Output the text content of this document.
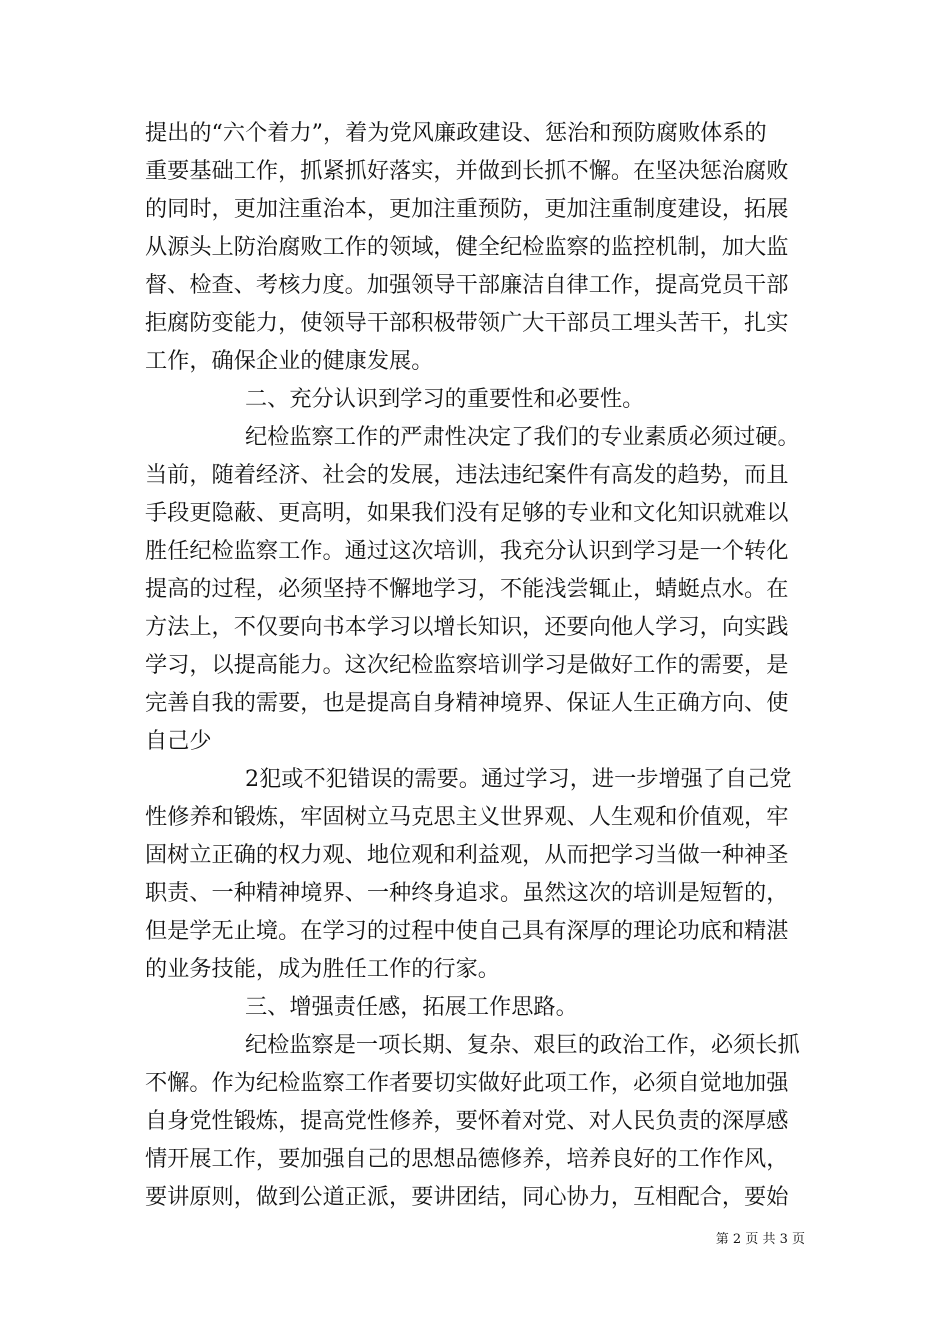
提出的“六个着力”，着为党风廉政建设、惩治和预防腐败体系的
重要基础工作，抓紧抓好落实，并做到长抓不懈。在坚决惩治腐败
的同时，更加注重治本，更加注重预防，更加注重制度建设，拓展
从源头上防治腐败工作的领域，健全纪检监察的监控机制，加大监
督、检查、考核力度。加强领导干部廉洁自律工作，提高党员干部
拒腐防变能力，使领导干部积极带领广大干部员工埋头苦干，扎实
工作，确保企业的健康发展。
二、充分认识到学习的重要性和必要性。
纪检监察工作的严肃性决定了我们的专业素质必须过硬。
当前，随着经济、社会的发展，违法违纪案件有高发的趋势，而且
手段更隐蔽、更高明，如果我们没有足够的专业和文化知识就难以
胜任纪检监察工作。通过这次培训，我充分认识到学习是一个转化
提高的过程，必须坚持不懈地学习，不能浅尝辄止，蜻蜓点水。在
方法上，不仅要向书本学习以增长知识，还要向他人学习，向实践
学习，以提高能力。这次纪检监察培训学习是做好工作的需要，是
完善自我的需要，也是提高自身精神境界、保证人生正确方向、使
自己少
2犯或不犯错误的需要。通过学习，进一步增强了自己党
性修养和锻炼，牢固树立马克思主义世界观、人生观和价值观，牢
固树立正确的权力观、地位观和利益观，从而把学习当做一种神圣
职责、一种精神境界、一种终身追求。虽然这次的培训是短暂的，
但是学无止境。在学习的过程中使自己具有深厚的理论功底和精湛
的业务技能，成为胜任工作的行家。
三、增强责任感，拓展工作思路。
纪检监察是一项长期、复杂、艰巨的政治工作，必须长抓
不懈。作为纪检监察工作者要切实做好此项工作，必须自觉地加强
自身党性锻炼，提高党性修养，要怀着对党、对人民负责的深厚感
情开展工作，要加强自己的思想品德修养，培养良好的工作作风，
要讲原则，做到公道正派，要讲团结，同心协力，互相配合，要始
第 2 页 共 3 页
